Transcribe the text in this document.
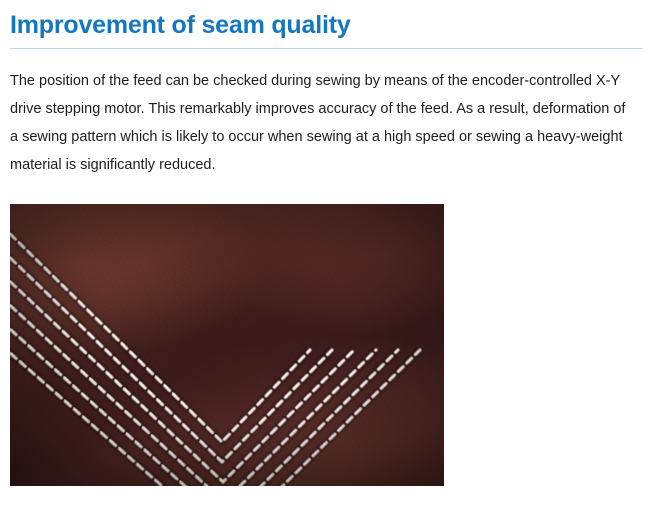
Improvement of seam quality

The position of the feed can be checked during sewing by means of the encoder-controlled X-Y drive stepping motor. This remarkably improves accuracy of the feed. As a result, deformation of a sewing pattern which is likely to occur when sewing at a high speed or sewing a heavy-weight material is significantly reduced.
